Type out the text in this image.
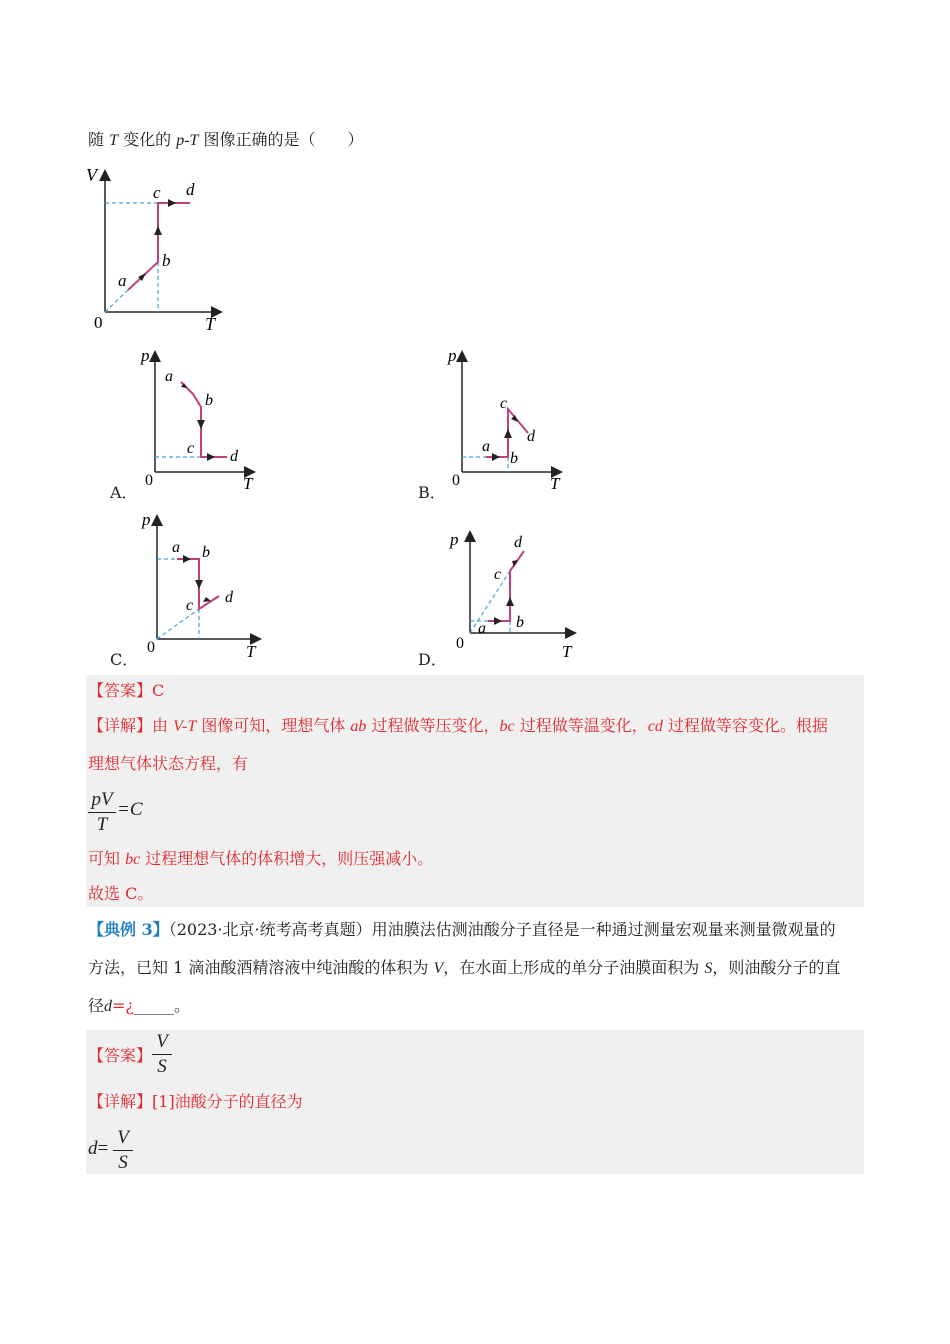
随 T 变化的 p-T 图像正确的是（　　）
V
T
0
a
b
c d
A．
p
T
0
a
b
c d
B．
p
T
0
a
b
c
d
C．
p
T
0
a b
c d
D．
p
T
0
a b
c
d
【答案】C
【详解】由 V-T 图像可知，理想气体 ab 过程做等压变化，bc 过程做等温变化，cd 过程做等容变化。根据
理想气体状态方程，有
pV
T
=C
可知 bc 过程理想气体的体积增大，则压强减小。
故选 C。
【典例 3】（2023·北京·统考高考真题）用油膜法估测油酸分子直径是一种通过测量宏观量来测量微观量的
方法，已知 1 滴油酸酒精溶液中纯油酸的体积为 V，在水面上形成的单分子油膜面积为 S，则油酸分子的直
径d=¿_____。
【答案】
V
S
【详解】[1]油酸分子的直径为
d=
V
S
